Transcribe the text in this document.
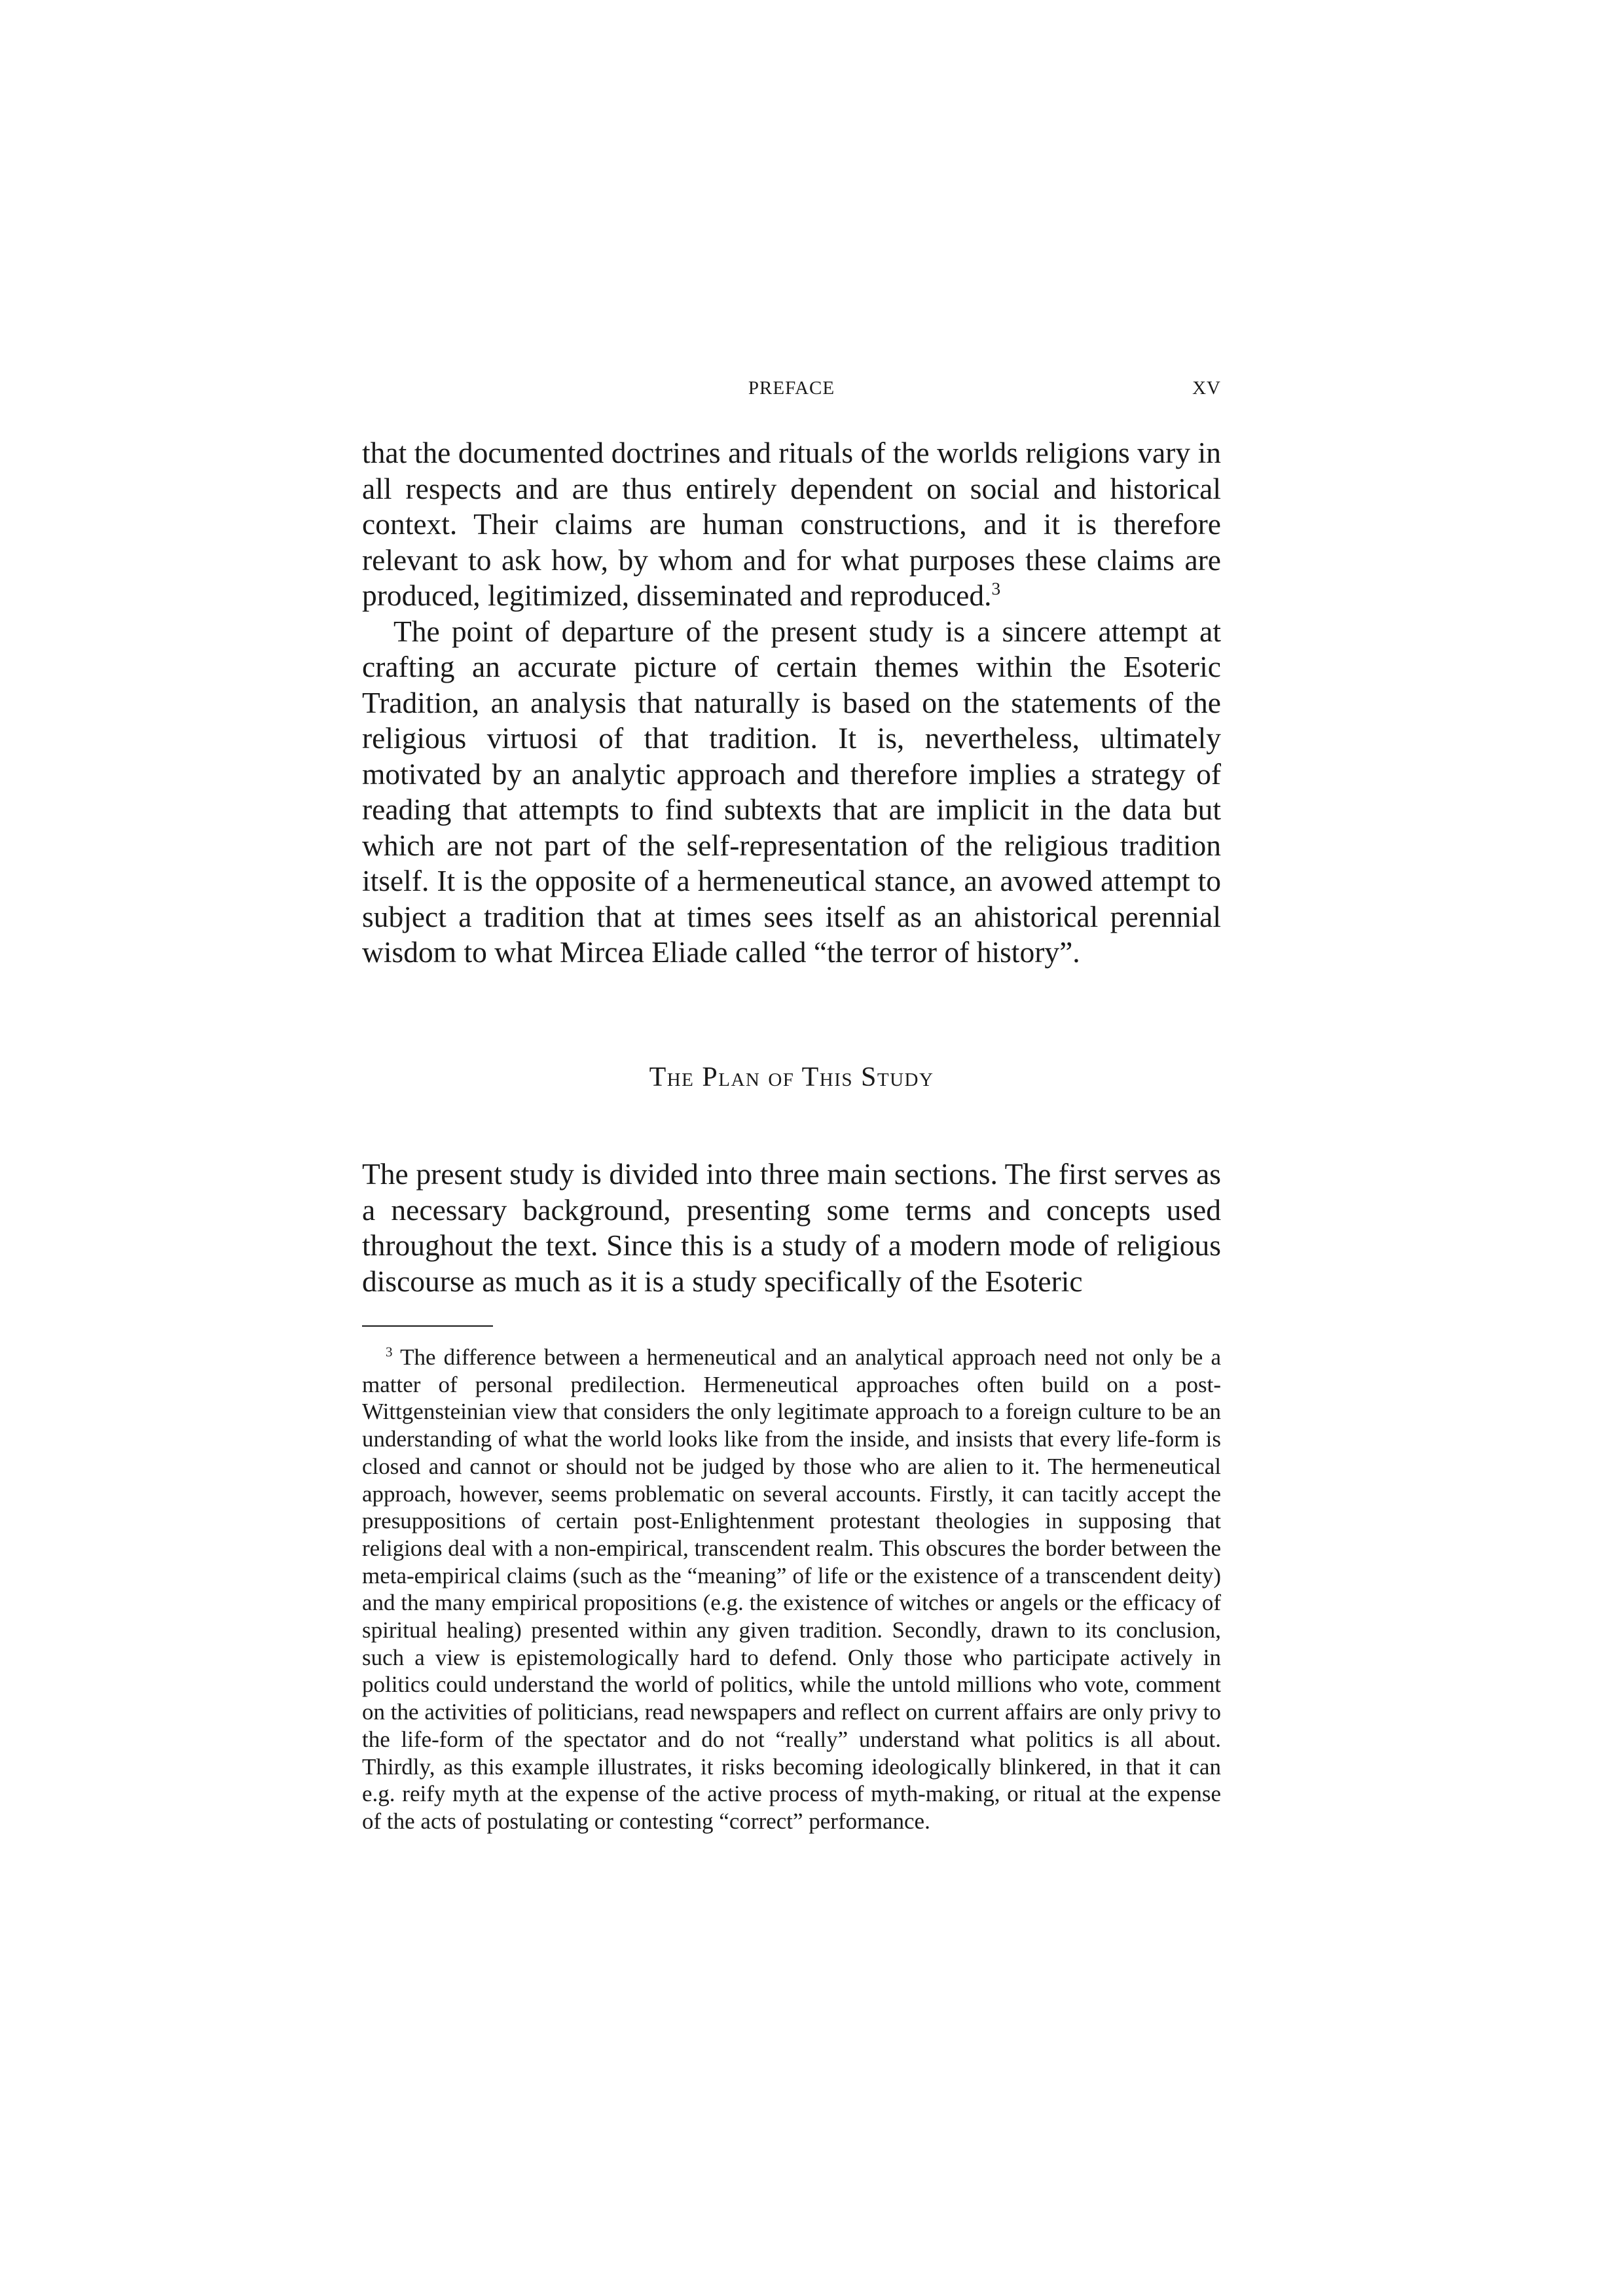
PREFACE	XV

that the documented doctrines and rituals of the worlds religions vary in all respects and are thus entirely dependent on social and historical context. Their claims are human constructions, and it is therefore relevant to ask how, by whom and for what purposes these claims are produced, legitimized, disseminated and reproduced.$^3$

The point of departure of the present study is a sincere attempt at crafting an accurate picture of certain themes within the Esoteric Tradition, an analysis that naturally is based on the statements of the religious virtuosi of that tradition. It is, nevertheless, ultimately motivated by an analytic approach and therefore implies a strategy of reading that attempts to find subtexts that are implicit in the data but which are not part of the self-representation of the religious tradition itself. It is the opposite of a hermeneutical stance, an avowed attempt to subject a tradition that at times sees itself as an ahistorical perennial wisdom to what Mircea Eliade called “the terror of history”.

The Plan of This Study

The present study is divided into three main sections. The first serves as a necessary background, presenting some terms and concepts used throughout the text. Since this is a study of a modern mode of religious discourse as much as it is a study specifically of the Esoteric

$^3$ The difference between a hermeneutical and an analytical approach need not only be a matter of personal predilection. Hermeneutical approaches often build on a post-Wittgensteinian view that considers the only legitimate approach to a foreign culture to be an understanding of what the world looks like from the inside, and insists that every life-form is closed and cannot or should not be judged by those who are alien to it. The hermeneutical approach, however, seems problematic on several accounts. Firstly, it can tacitly accept the presuppositions of certain post-Enlightenment protestant theologies in supposing that religions deal with a non-empirical, transcendent realm. This obscures the border between the meta-empirical claims (such as the “meaning” of life or the existence of a transcendent deity) and the many empirical propositions (e.g. the existence of witches or angels or the efficacy of spiritual healing) presented within any given tradition. Secondly, drawn to its conclusion, such a view is epistemologically hard to defend. Only those who participate actively in politics could understand the world of politics, while the untold millions who vote, comment on the activities of politicians, read newspapers and reflect on current affairs are only privy to the life-form of the spectator and do not “really” understand what politics is all about. Thirdly, as this example illustrates, it risks becoming ideologically blinkered, in that it can e.g. reify myth at the expense of the active process of myth-making, or ritual at the expense of the acts of postulating or contesting “correct” performance.
